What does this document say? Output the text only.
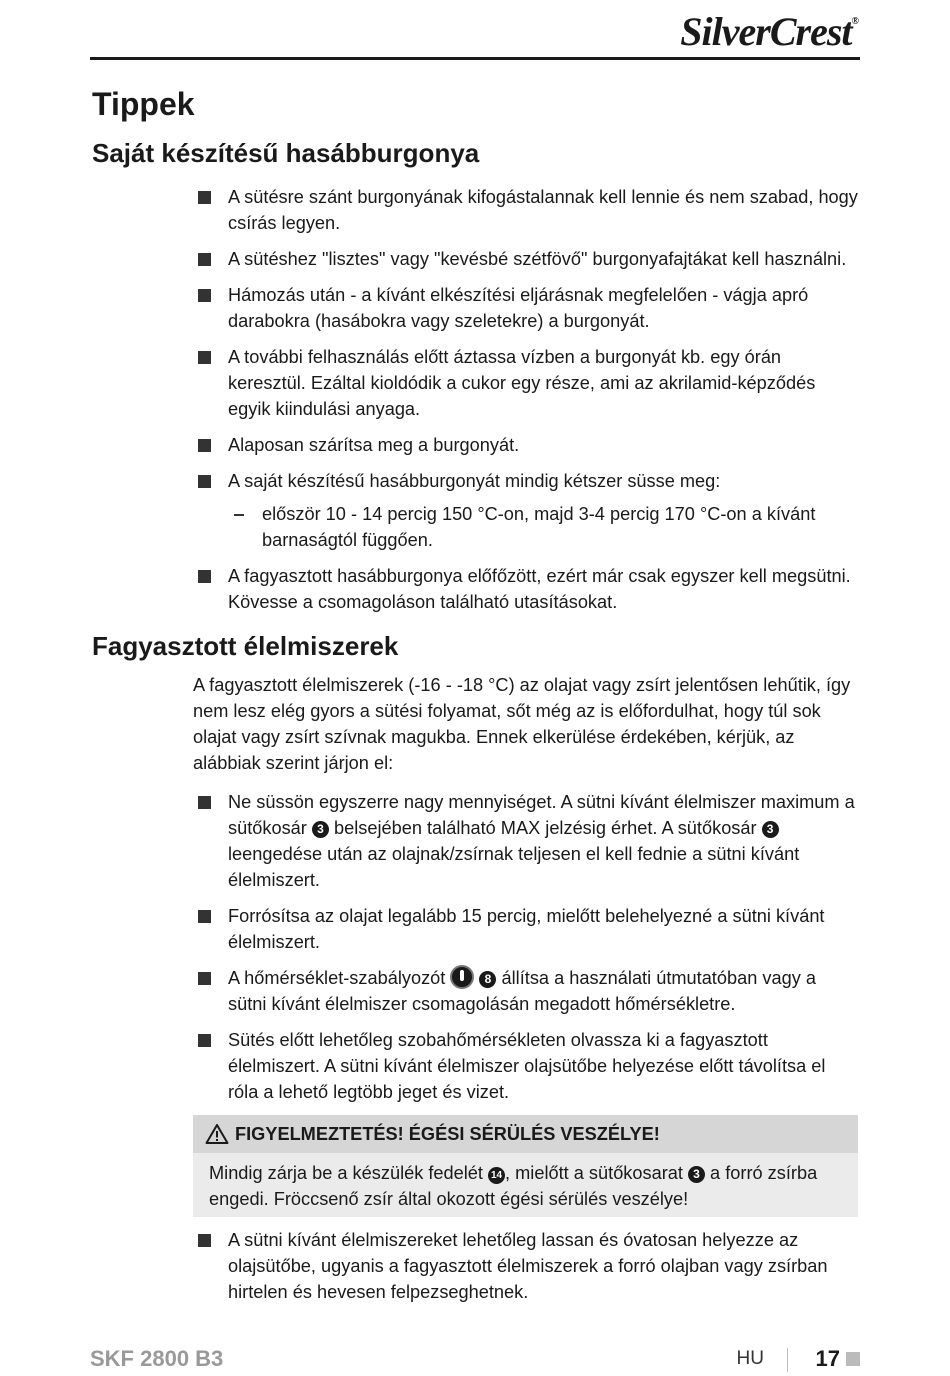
SilverCrest®
Tippek
Saját készítésű hasábburgonya
A sütésre szánt burgonyának kifogástalannak kell lennie és nem szabad, hogy csírás legyen.
A sütéshez "lisztes" vagy "kevésbé szétfövő" burgonyafajtákat kell használni.
Hámozás után - a kívánt elkészítési eljárásnak megfelelően - vágja apró darabokra (hasábokra vagy szeletekre) a burgonyát.
A további felhasználás előtt áztassa vízben a burgonyát kb. egy órán keresztül. Ezáltal kioldódik a cukor egy része, ami az akrilamid-képződés egyik kiindulási anyaga.
Alaposan szárítsa meg a burgonyát.
A saját készítésű hasábburgonyát mindig kétszer süsse meg:
először 10 - 14 percig 150 °C-on, majd 3-4 percig 170 °C-on a kívánt barnaságtól függően.
A fagyasztott hasábburgonya előfőzött, ezért már csak egyszer kell megsütni. Kövesse a csomagoláson található utasításokat.
Fagyasztott élelmiszerek

A fagyasztott élelmiszerek (-16 - -18 °C) az olajat vagy zsírt jelentősen lehűtik, így nem lesz elég gyors a sütési folyamat, sőt még az is előfordulhat, hogy túl sok olajat vagy zsírt szívnak magukba. Ennek elkerülése érdekében, kérjük, az alábbiak szerint járjon el:

Ne süssön egyszerre nagy mennyiséget. A sütni kívánt élelmiszer maximum a sütőkosár 3 belsejében található MAX jelzésig érhet. A sütőkosár 3 leengedése után az olajnak/zsírnak teljesen el kell fednie a sütni kívánt élelmiszert.
Forrósítsa az olajat legalább 15 percig, mielőtt belehelyezné a sütni kívánt élelmiszert.
A hőmérséklet-szabályozót	8 állítsa a használati útmutatóban vagy a sütni kívánt élelmiszer csomagolásán megadott hőmérsékletre.
Sütés előtt lehetőleg szobahőmérsékleten olvassza ki a fagyasztott élelmiszert. A sütni kívánt élelmiszer olajsütőbe helyezése előtt távolítsa el róla a lehető legtöbb jeget és vizet.
FIGYELMEZTETÉS! ÉGÉSI SÉRÜLÉS VESZÉLYE!
Mindig zárja be a készülék fedelét 14 , mielőtt a sütőkosarat 3 a forró zsírba engedi. Fröccsenő zsír által okozott égési sérülés veszélye!
A sütni kívánt élelmiszereket lehetőleg lassan és óvatosan helyezze az olajsütőbe, ugyanis a fagyasztott élelmiszerek a forró olajban vagy zsírban hirtelen és hevesen felpezseghetnek.
SKF 2800 B3	HU 17
